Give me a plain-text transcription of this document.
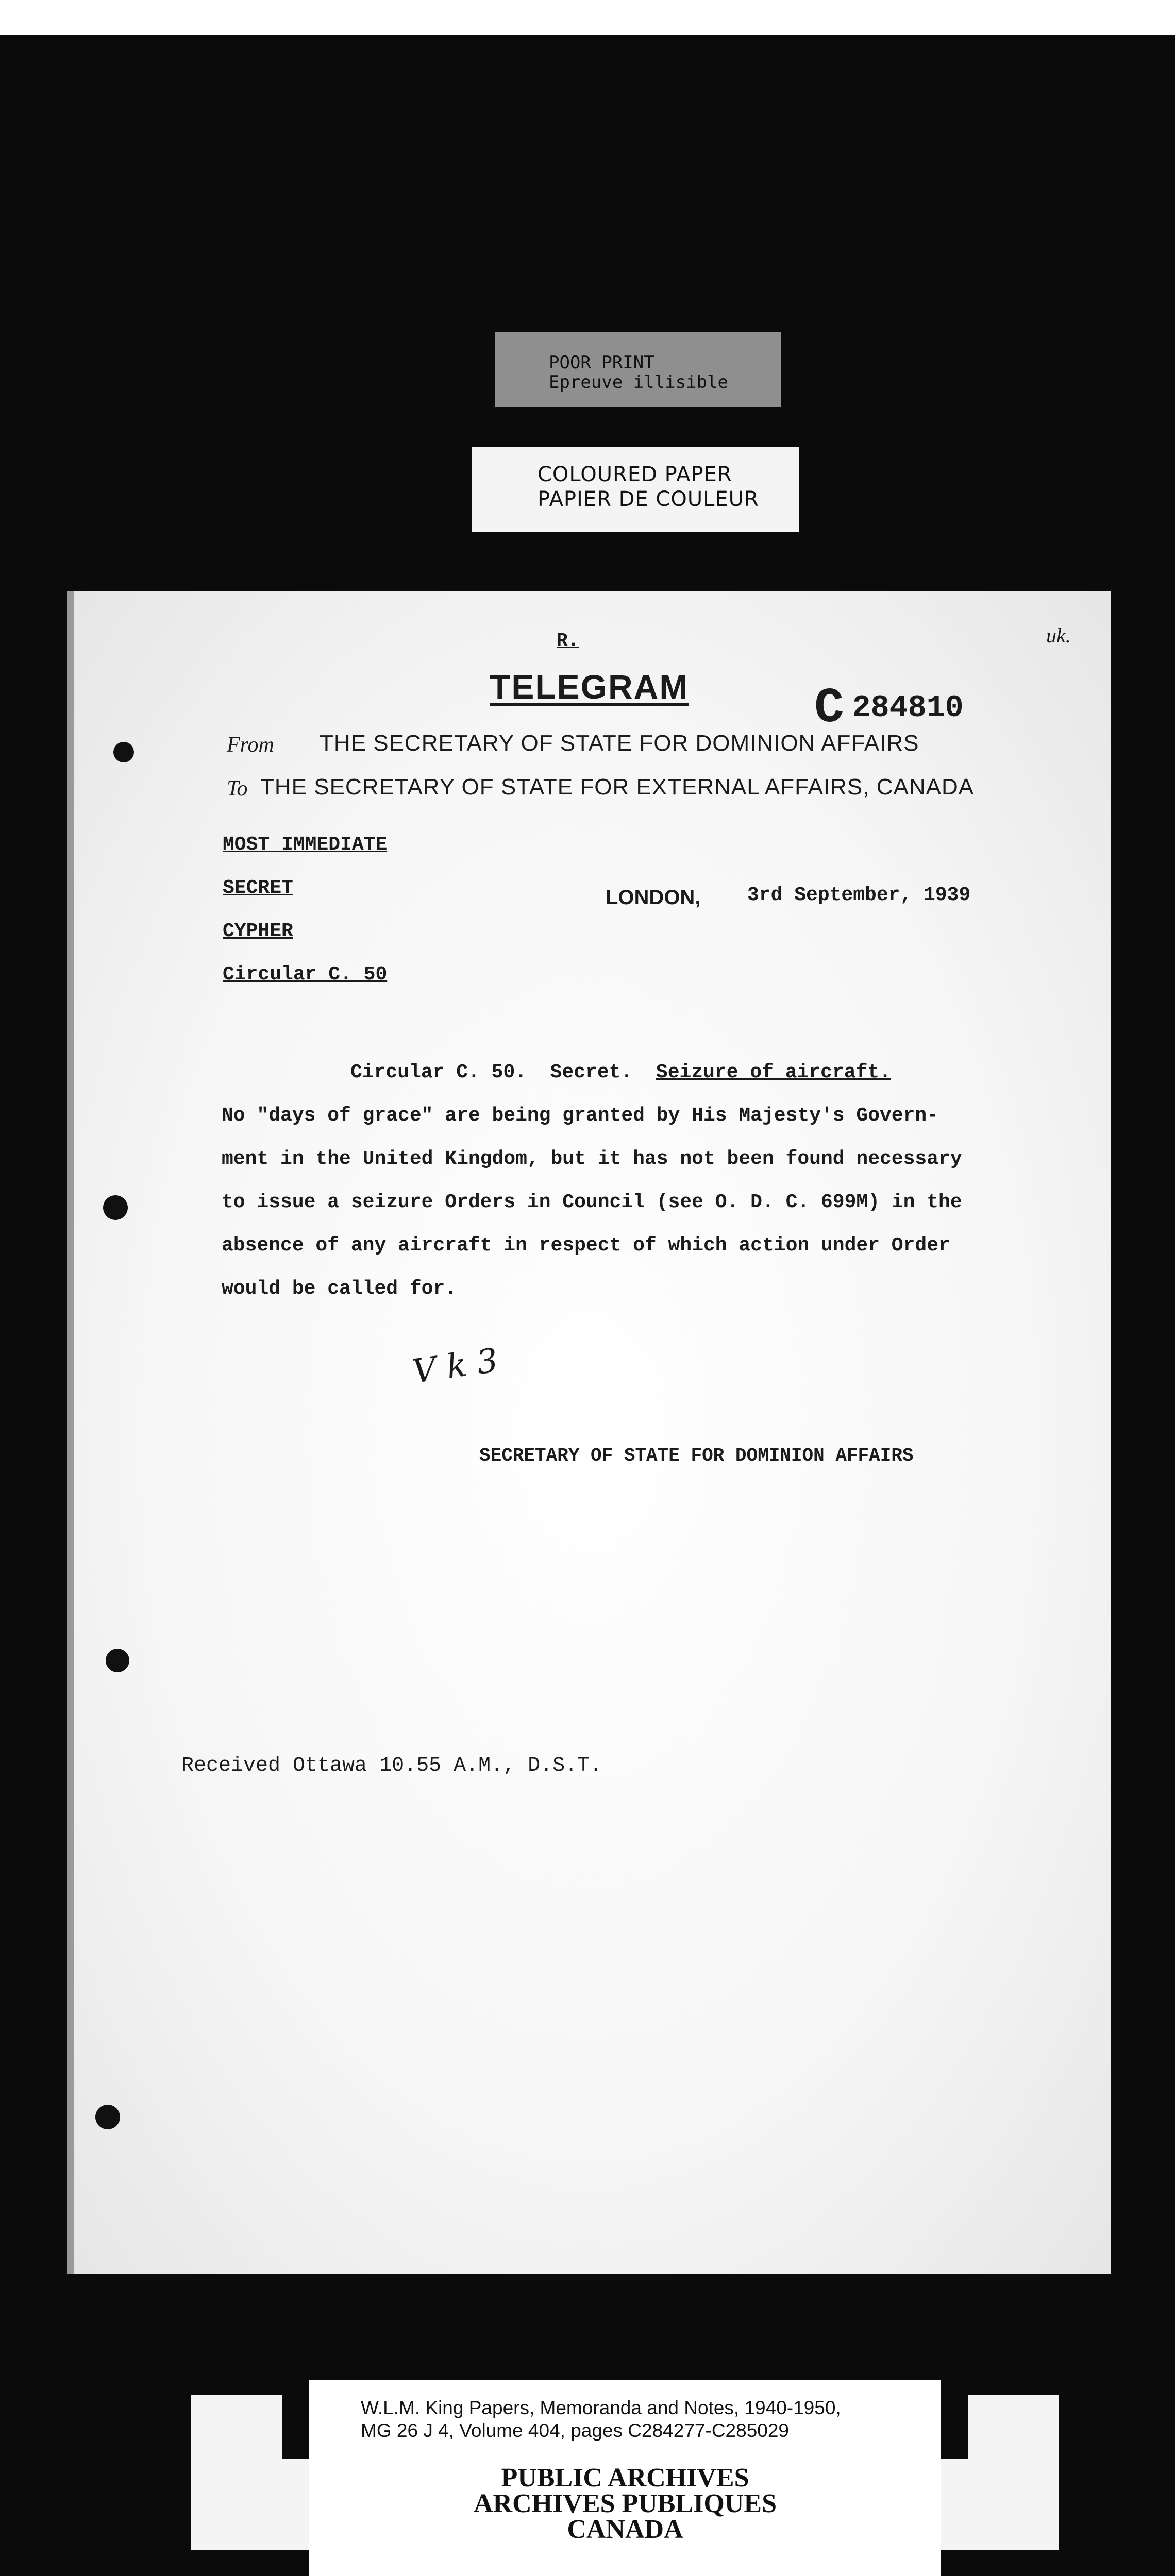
POOR PRINT
Epreuve illisible
COLOURED PAPER
PAPIER DE COULEUR
R.	uk.
TELEGRAM	C 284810
From THE SECRETARY OF STATE FOR DOMINION AFFAIRS
To THE SECRETARY OF STATE FOR EXTERNAL AFFAIRS, CANADA
MOST IMMEDIATE
SECRET
CYPHER
Circular C. 50
LONDON, 3rd September, 1939
Circular C. 50.  Secret.  Seizure of aircraft.
No "days of grace" are being granted by His Majesty's Govern-
ment in the United Kingdom, but it has not been found necessary
to issue a seizure Orders in Council (see O. D. C. 699M) in the
absence of any aircraft in respect of which action under Order
would be called for.
V k 3
SECRETARY OF STATE FOR DOMINION AFFAIRS
Received Ottawa 10.55 A.M., D.S.T.
W.L.M. King Papers, Memoranda and Notes, 1940-1950,
MG 26 J 4, Volume 404, pages C284277-C285029
PUBLIC ARCHIVES
ARCHIVES PUBLIQUES
CANADA
